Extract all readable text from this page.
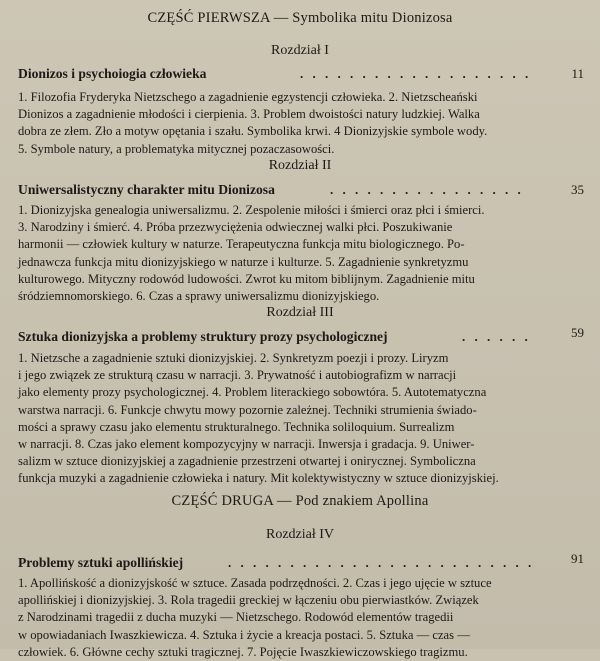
CZĘŚĆ PIERWSZA — Symbolika mitu Dionizosa
Rozdział I
Dionizos i psychoiogia człowieka	. . . . . . . . . . . . . . . . . . .	11
1. Filozofia Fryderyka Nietzschego a zagadnienie egzystencji człowieka. 2. Nietzscheański
Dionizos a zagadnienie młodości i cierpienia. 3. Problem dwoistości natury ludzkiej. Walka
dobra ze złem. Zło a motyw opętania i szału. Symbolika krwi. 4 Dionizyjskie symbole wody.
5. Symbole natury, a problematyka mitycznej pozaczasowości.
Rozdział II
Uniwersalistyczny charakter mitu Dionizosa	. . . . . . . . . . . . . . . .	35
1. Dionizyjska genealogia uniwersalizmu. 2. Zespolenie miłości i śmierci oraz płci i śmierci.
3. Narodziny i śmierć. 4. Próba przezwyciężenia odwiecznej walki płci. Poszukiwanie
harmonii — człowiek kultury w naturze. Terapeutyczna funkcja mitu biologicznego. Po-
jednawcza funkcja mitu dionizyjskiego w naturze i kulturze. 5. Zagadnienie synkretyzmu
kulturowego. Mityczny rodowód ludowości. Zwrot ku mitom biblijnym. Zagadnienie mitu
śródziemnomorskiego. 6. Czas a sprawy uniwersalizmu dionizyjskiego.
Rozdział III
Sztuka dionizyjska a problemy struktury prozy psychologicznej	. . . . . .	59
1. Nietzsche a zagadnienie sztuki dionizyjskiej. 2. Synkretyzm poezji i prozy. Liryzm
i jego związek ze strukturą czasu w narracji. 3. Prywatność i autobiografizm w narracji
jako elementy prozy psychologicznej. 4. Problem literackiego sobowtóra. 5. Autotematyczna
warstwa narracji. 6. Funkcje chwytu mowy pozornie zależnej. Techniki strumienia świado-
mości a sprawy czasu jako elementu strukturalnego. Technika soliloquium. Surrealizm
w narracji. 8. Czas jako element kompozycyjny w narracji. Inwersja i gradacja. 9. Uniwer-
salizm w sztuce dionizyjskiej a zagadnienie przestrzeni otwartej i onirycznej. Symboliczna
funkcja muzyki a zagadnienie człowieka i natury. Mit kolektywistyczny w sztuce dionizyjskiej.
CZĘŚĆ DRUGA — Pod znakiem Apollina
Rozdział IV
Problemy sztuki apollińskiej	. . . . . . . . . . . . . . . . . . . . . . . . .	91
1. Apollińskość a dionizyjskość w sztuce. Zasada podrzędności. 2. Czas i jego ujęcie w sztuce
apollińskiej i dionizyjskiej. 3. Rola tragedii greckiej w łączeniu obu pierwiastków. Związek
z Narodzinami tragedii z ducha muzyki — Nietzschego. Rodowód elementów tragedii
w opowiadaniach Iwaszkiewicza. 4. Sztuka i życie a kreacja postaci. 5. Sztuka — czas —
człowiek. 6. Główne cechy sztuki tragicznej. 7. Pojęcie Iwaszkiewiczowskiego tragizmu.
